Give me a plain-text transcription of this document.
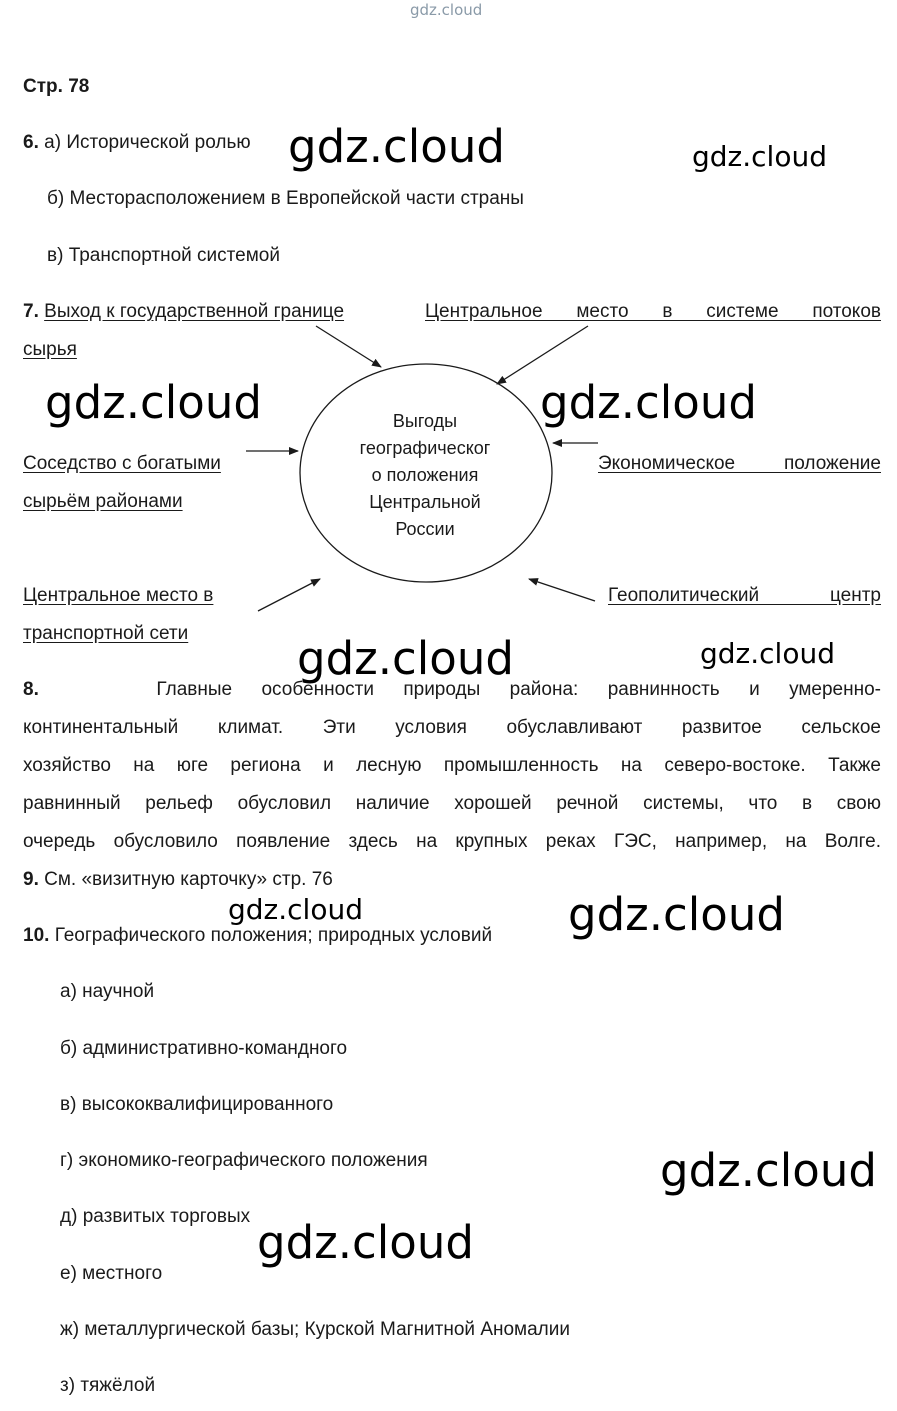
gdz.cloud
Стр. 78
6. а) Исторической ролью
б) Месторасположением в Европейской части страны
в) Транспортной системой
7. Выход к государственной границе	Центральное место в системе потоков
сырья
Выгоды
географическог
о положения
Центральной
России
Соседство с богатыми
сырьём районами
Экономическое положение
Центральное место в
транспортной сети
Геополитический центр
8.	Главные особенности природы района: равнинность и умеренно-
континентальный климат. Эти условия обуславливают развитое сельское
хозяйство на юге региона и лесную промышленность на северо-востоке. Также
равнинный рельеф обусловил наличие хорошей речной системы, что в свою
очередь обусловило появление здесь на крупных реках ГЭС, например, на Волге.
9. См. «визитную карточку» стр. 76
10. Географического положения; природных условий
а) научной
б) административно-командного
в) высококвалифицированного
г) экономико-географического положения
д) развитых торговых
е) местного
ж) металлургической базы; Курской Магнитной Аномалии
з) тяжёлой
gdz.cloud	gdz.cloud
gdz.cloud	gdz.cloud
gdz.cloud	gdz.cloud
gdz.cloud	gdz.cloud
gdz.cloud
gdz.cloud
